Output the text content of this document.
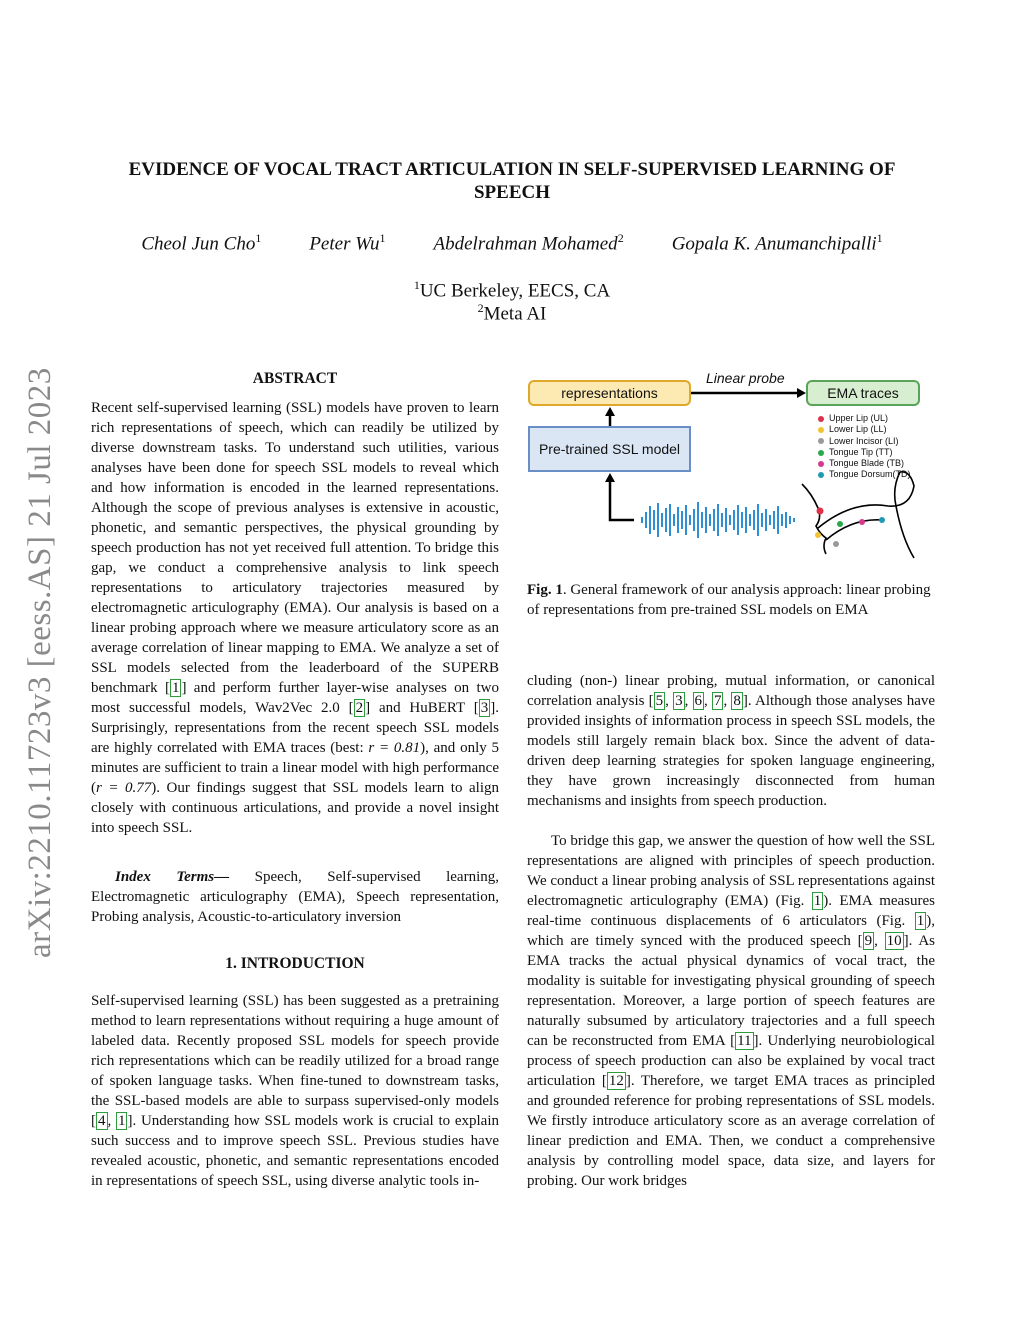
arXiv:2210.11723v3 [eess.AS] 21 Jul 2023
EVIDENCE OF VOCAL TRACT ARTICULATION IN SELF-SUPERVISED LEARNING OF
SPEECH
Cheol Jun Cho$^1$	Peter Wu$^1$	Abdelrahman Mohamed$^2$	Gopala K. Anumanchipalli$^1$
$^1$UC Berkeley, EECS, CA
$^2$Meta AI
ABSTRACT
Recent self-supervised learning (SSL) models have proven to learn rich representations of speech, which can readily be utilized by diverse downstream tasks. To understand such utilities, various analyses have been done for speech SSL models to reveal which and how information is encoded in the learned representations. Although the scope of previous analyses is extensive in acoustic, phonetic, and semantic perspectives, the physical grounding by speech production has not yet received full attention. To bridge this gap, we conduct a comprehensive analysis to link speech representations to articulatory trajectories measured by electromagnetic articulography (EMA). Our analysis is based on a linear probing approach where we measure articulatory score as an average correlation of linear mapping to EMA. We analyze a set of SSL models selected from the leaderboard of the SUPERB benchmark [ 1 ] and perform further layer-wise analyses on two most successful models, Wav2Vec 2.0 [ 2 ] and HuBERT [ 3 ]. Surprisingly, representations from the recent speech SSL models are highly correlated with EMA traces (best: r = 0.81), and only 5 minutes are sufficient to train a linear model with high performance (r = 0.77). Our findings suggest that SSL models learn to align closely with continuous articulations, and provide a novel insight into speech SSL.
Index Terms— Speech, Self-supervised learning, Electromagnetic articulography (EMA), Speech representation, Probing analysis, Acoustic-to-articulatory inversion
1. INTRODUCTION
Self-supervised learning (SSL) has been suggested as a pretraining method to learn representations without requiring a huge amount of labeled data. Recently proposed SSL models for speech provide rich representations which can be readily utilized for a broad range of spoken language tasks. When fine-tuned to downstream tasks, the SSL-based models are able to surpass supervised-only models [ 4 , 1 ]. Understanding how SSL models work is crucial to explain such success and to improve speech SSL. Previous studies have revealed acoustic, phonetic, and semantic representations encoded in representations of speech SSL, using diverse analytic tools in-
representations
Pre-trained SSL model
EMA traces
Linear probe
Upper Lip (UL)
Lower Lip (LL)
Lower Incisor (LI)
Tongue Tip (TT)
Tongue Blade (TB)
Tongue Dorsum(TD)
Fig. 1. General framework of our analysis approach: linear probing of representations from pre-trained SSL models on EMA
cluding (non-) linear probing, mutual information, or canonical correlation analysis [ 5 , 3 , 6 , 7 , 8 ]. Although those analyses have provided insights of information process in speech SSL models, the models still largely remain black box. Since the advent of data-driven deep learning strategies for spoken language engineering, they have grown increasingly disconnected from human mechanisms and insights from speech production.
To bridge this gap, we answer the question of how well the SSL representations are aligned with principles of speech production. We conduct a linear probing analysis of SSL representations against electromagnetic articulography (EMA) (Fig. 1 ). EMA measures real-time continuous displacements of 6 articulators (Fig. 1 ), which are timely synced with the produced speech [ 9 , 10 ]. As EMA tracks the actual physical dynamics of vocal tract, the modality is suitable for investigating physical grounding of speech representation. Moreover, a large portion of speech features are naturally subsumed by articulatory trajectories and a full speech can be reconstructed from EMA [ 11 ]. Underlying neurobiological process of speech production can also be explained by vocal tract articulation [ 12 ]. Therefore, we target EMA traces as principled and grounded reference for probing representations of SSL models. We firstly introduce articulatory score as an average correlation of linear prediction and EMA. Then, we conduct a comprehensive analysis by controlling model space, data size, and layers for probing. Our work bridges
